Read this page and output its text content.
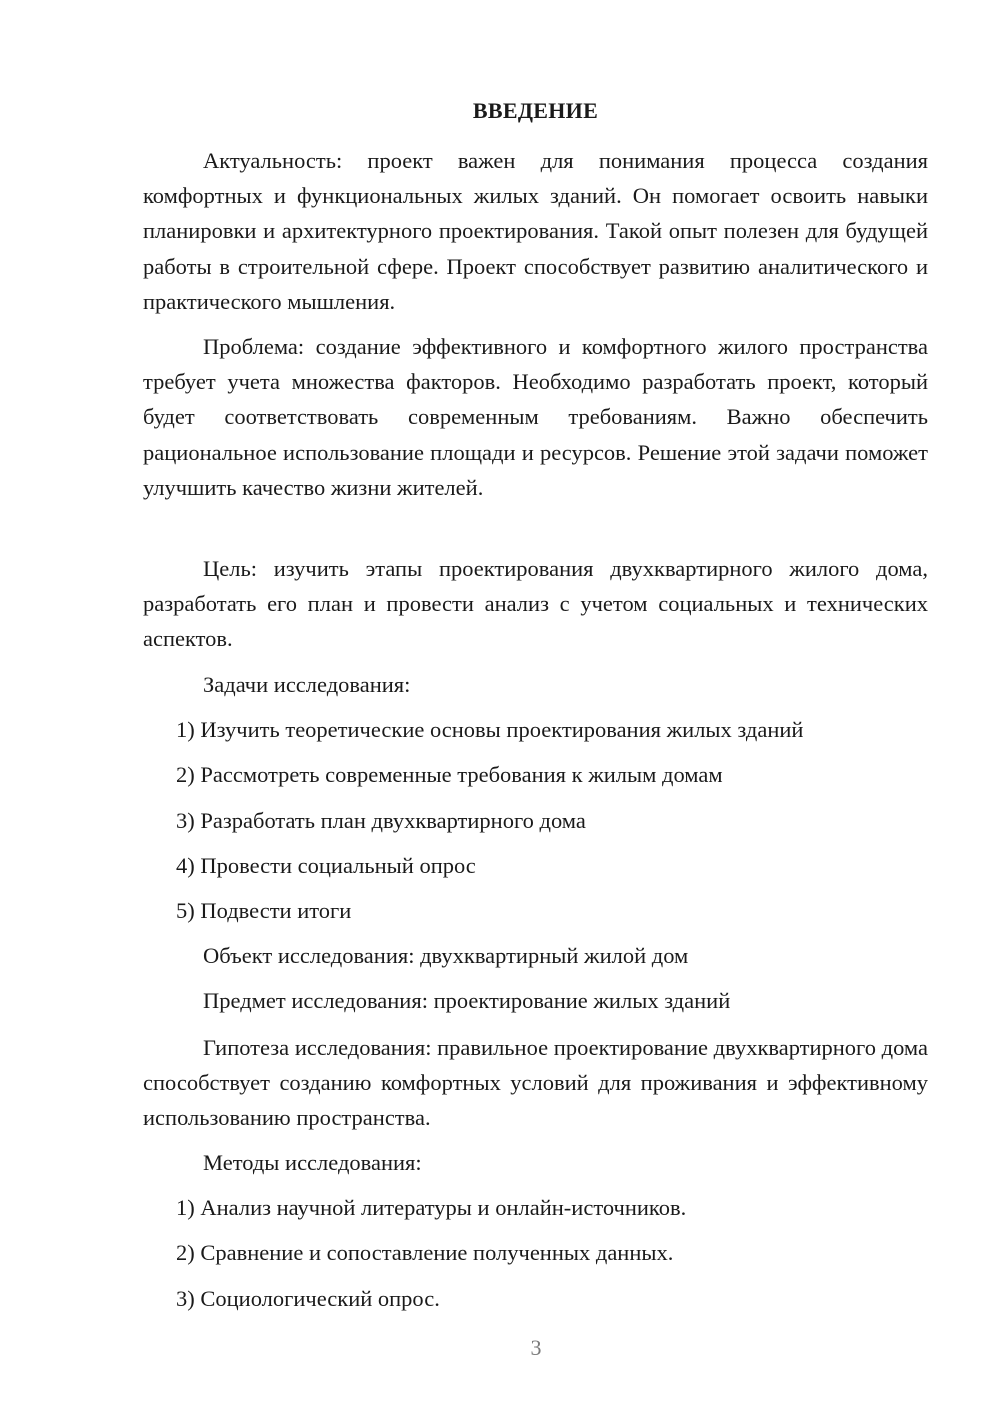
ВВЕДЕНИЕ

Актуальность: проект важен для понимания процесса создания комфортных и функциональных жилых зданий. Он помогает освоить навыки планировки и архитектурного проектирования. Такой опыт полезен для будущей работы в строительной сфере. Проект способствует развитию аналитического и практического мышления.

Проблема: создание эффективного и комфортного жилого пространства требует учета множества факторов. Необходимо разработать проект, который будет соответствовать современным требованиям. Важно обеспечить рациональное использование площади и ресурсов. Решение этой задачи поможет улучшить качество жизни жителей.

Цель: изучить этапы проектирования двухквартирного жилого дома, разработать его план и провести анализ с учетом социальных и технических аспектов.

Задачи исследования:
1) Изучить теоретические основы проектирования жилых зданий
2) Рассмотреть современные требования к жилым домам
3) Разработать план двухквартирного дома
4) Провести социальный опрос
5) Подвести итоги
Объект исследования: двухквартирный жилой дом
Предмет исследования: проектирование жилых зданий

Гипотеза исследования: правильное проектирование двухквартирного дома способствует созданию комфортных условий для проживания и эффективному использованию пространства.

Методы исследования:
1) Анализ научной литературы и онлайн-источников.
2) Сравнение и сопоставление полученных данных.
3) Социологический опрос.
3
